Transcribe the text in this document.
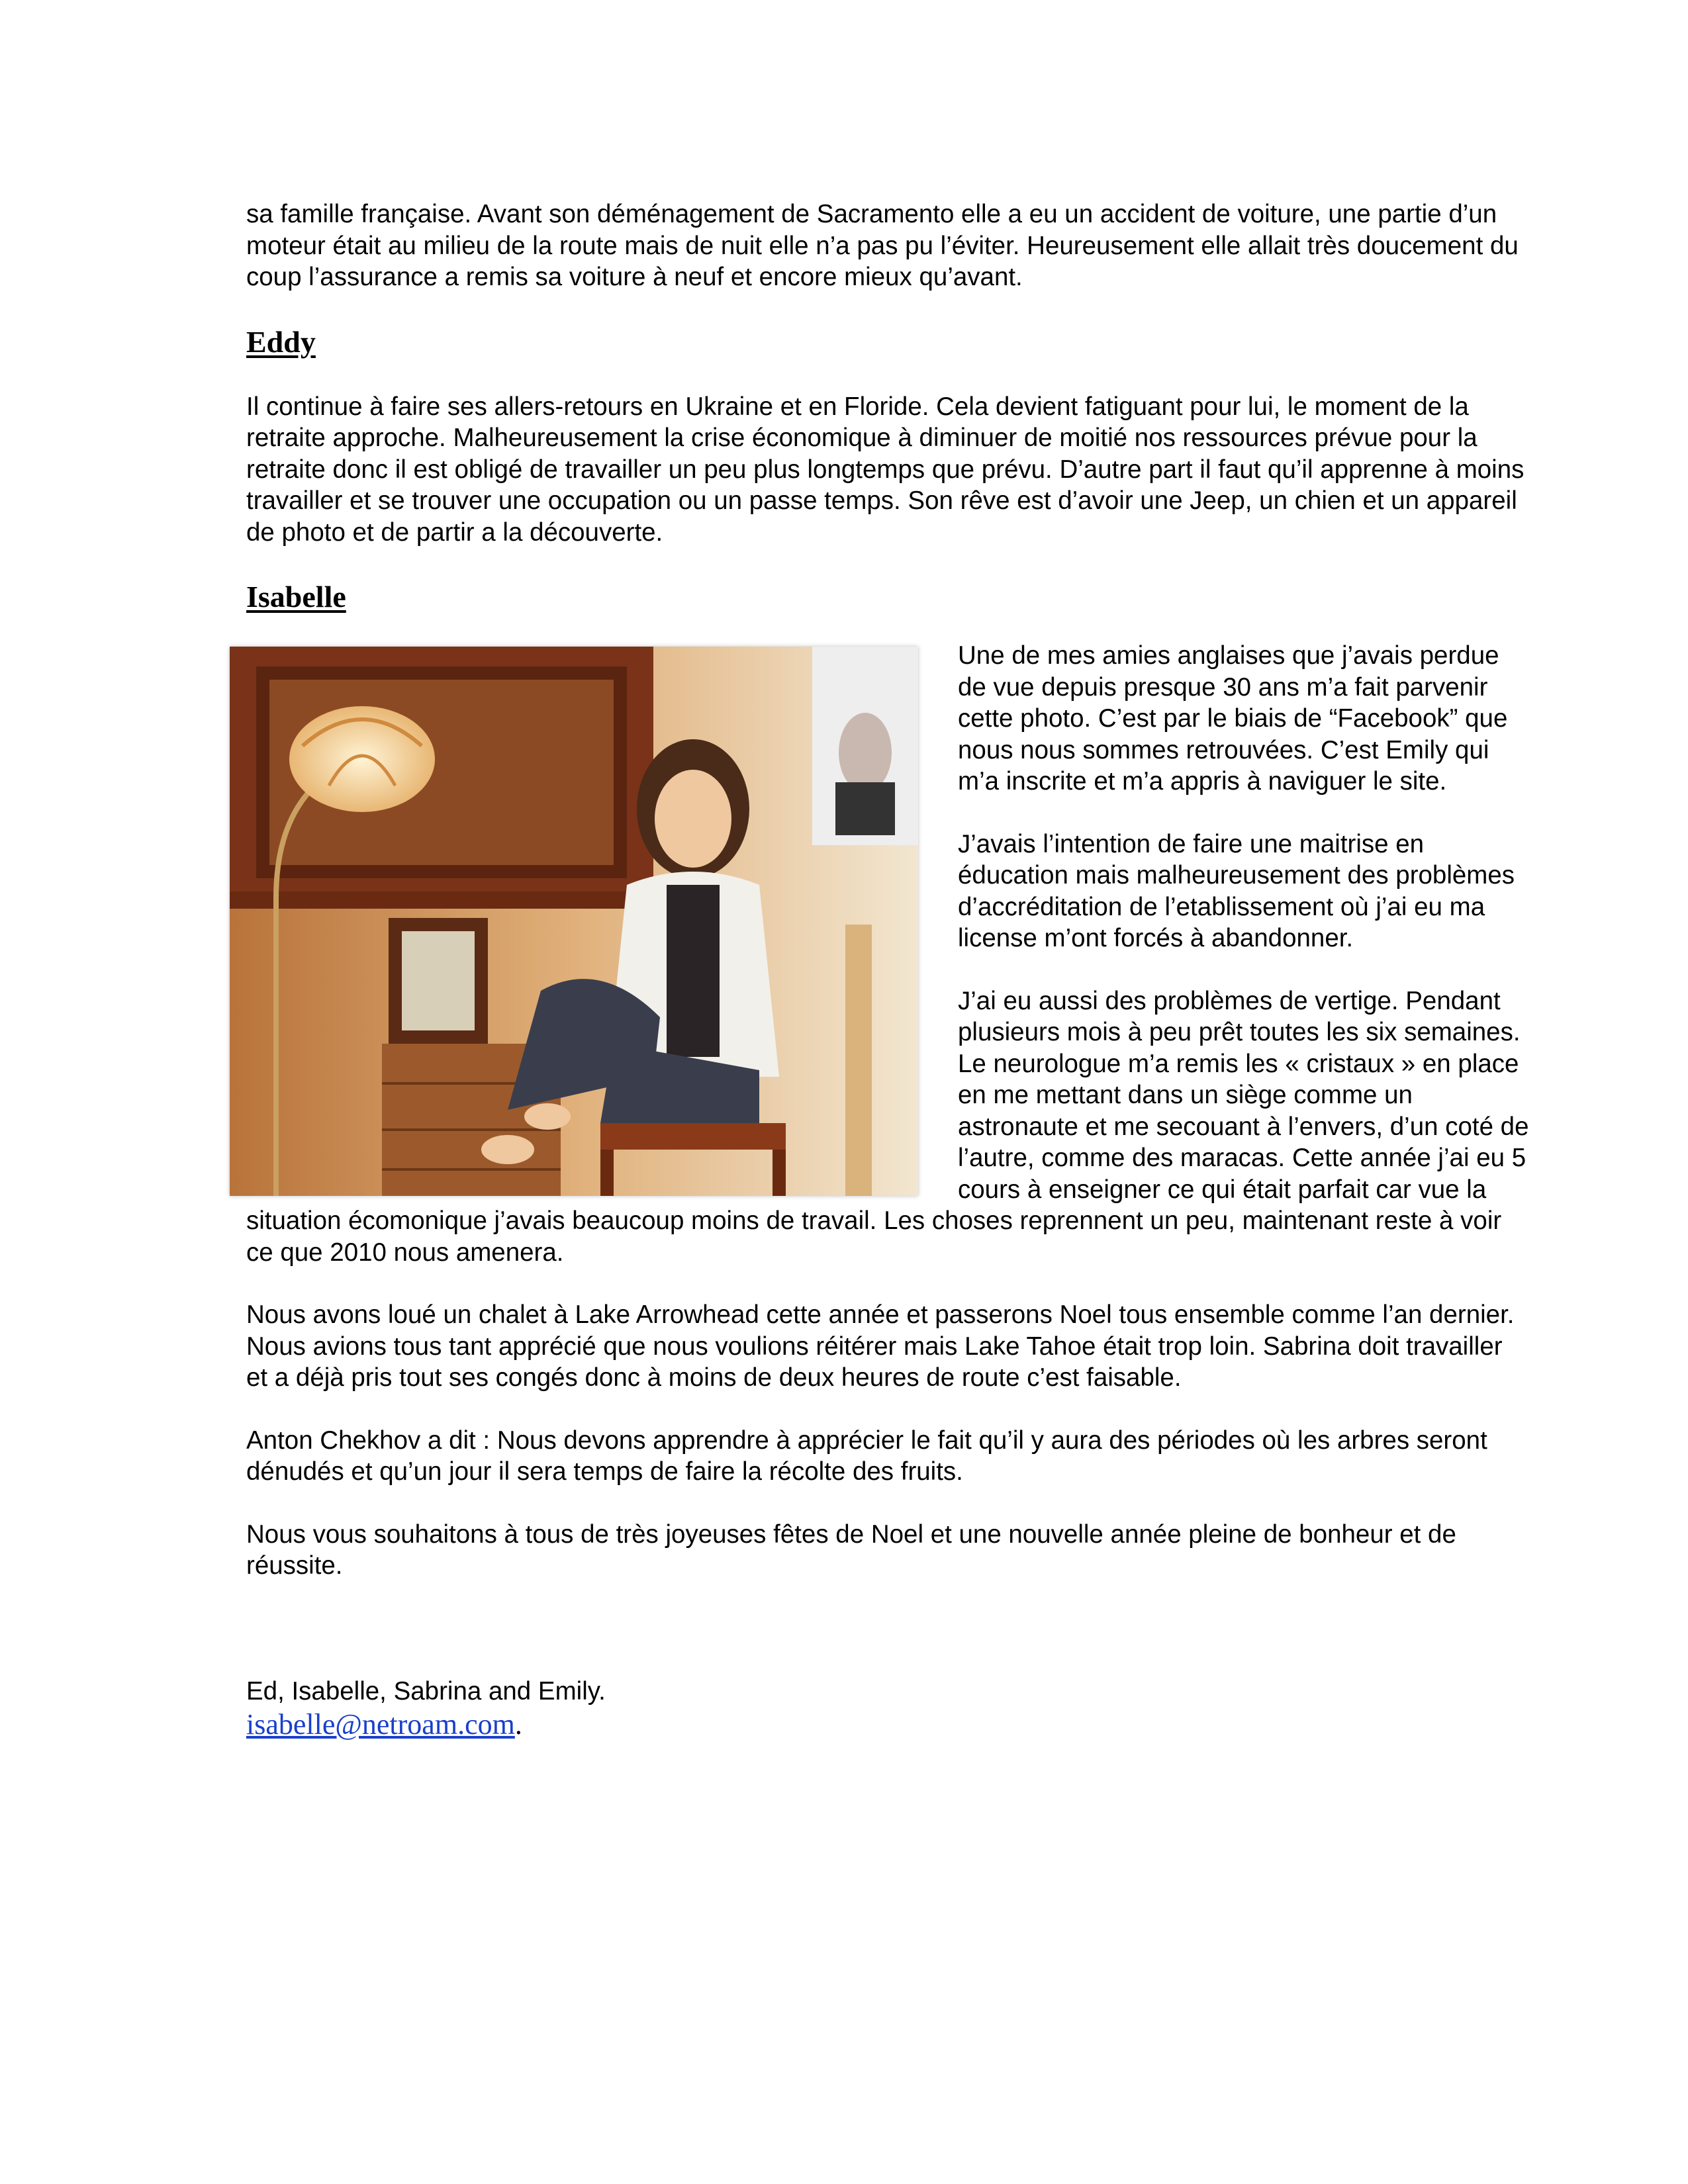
sa famille française. Avant son déménagement de Sacramento elle a eu un accident de voiture, une partie d’un moteur était au milieu de la route mais de nuit elle n’a pas pu l’éviter. Heureusement elle allait très doucement du coup l’assurance a remis sa voiture à neuf et encore mieux qu’avant.

Eddy

Il continue à faire ses allers-retours en Ukraine et en Floride. Cela devient fatiguant pour lui, le moment de la retraite approche. Malheureusement la crise économique à diminuer de moitié nos ressources prévue pour la retraite donc il est obligé de travailler un peu plus longtemps que prévu. D’autre part il faut qu’il apprenne à moins travailler et se trouver une occupation ou un passe temps. Son rêve est d’avoir une Jeep, un chien et un appareil de photo et de partir a la découverte.

Isabelle

Une de mes amies anglaises que j’avais perdue de vue depuis presque 30 ans m’a fait parvenir cette photo. C’est par le biais de “Facebook” que nous nous sommes retrouvées. C’est Emily qui m’a inscrite et m’a appris à naviguer le site.

J’avais l’intention de faire une maitrise en éducation mais malheureusement des problèmes d’accréditation de l’etablissement où j’ai eu ma license m’ont forcés à abandonner.

J’ai eu aussi des problèmes de vertige. Pendant plusieurs mois à peu prêt toutes les six semaines. Le neurologue m’a remis les « cristaux » en place en me mettant dans un siège comme un astronaute et me secouant à l’envers, d’un coté de l’autre, comme des maracas. Cette année j’ai eu 5 cours à enseigner ce qui était parfait car vue la situation écomonique j’avais beaucoup moins de travail. Les choses reprennent un peu, maintenant reste à voir ce que 2010 nous amenera.

Nous avons loué un chalet à Lake Arrowhead cette année et passerons Noel tous ensemble comme l’an dernier. Nous avions tous tant apprécié que nous voulions réitérer mais Lake Tahoe était trop loin. Sabrina doit travailler et a déjà pris tout ses congés donc à moins de deux heures de route c’est faisable.

Anton Chekhov a dit : Nous devons apprendre à apprécier le fait qu’il y aura des périodes où les arbres seront dénudés et qu’un jour il sera temps de faire la récolte des fruits.

Nous vous souhaitons à tous de très joyeuses fêtes de Noel et une nouvelle année pleine de bonheur et de réussite.

Ed, Isabelle, Sabrina and Emily.

isabelle@netroam.com.
